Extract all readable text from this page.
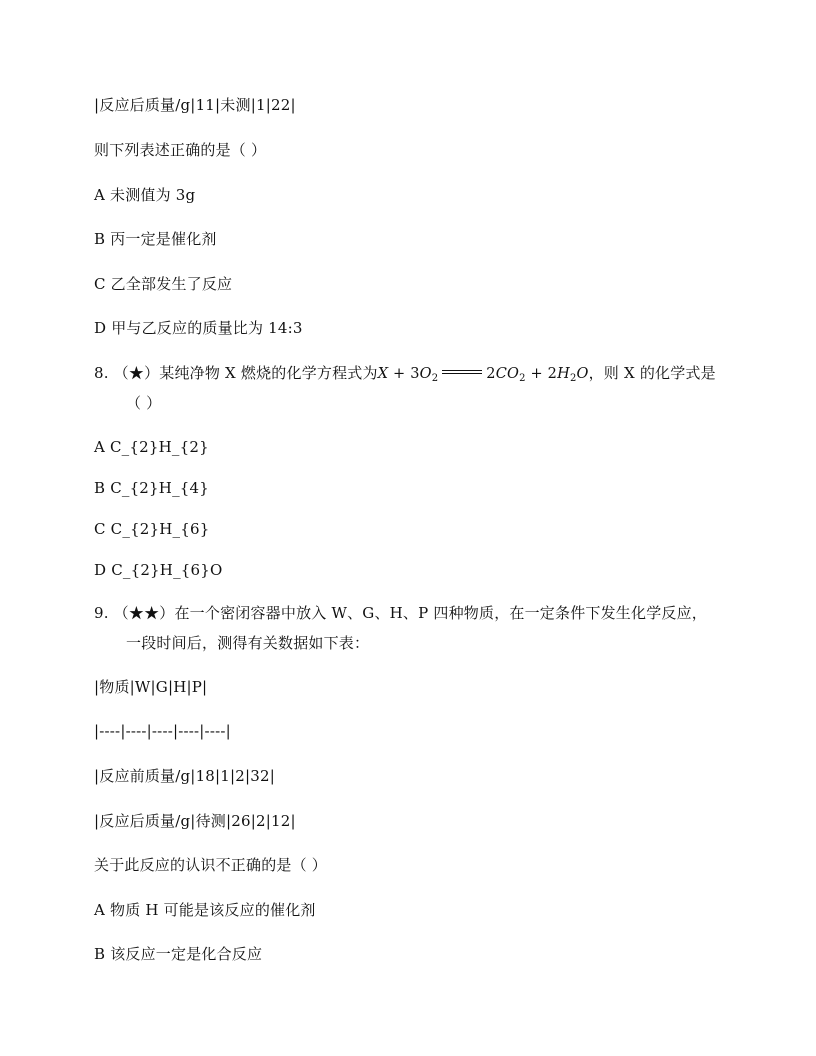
|反应后质量/g|11|未测|1|22|
则下列表述正确的是（ ）
A 未测值为 3g
B 丙一定是催化剂
C 乙全部发生了反应
D 甲与乙反应的质量比为 14:3
8. （★）某纯净物 X 燃烧的化学方程式为$X + 3O_2$	$2CO_2 + 2H_2O$，则 X 的化学式是
（ ）
A C_{2}H_{2}
B C_{2}H_{4}
C C_{2}H_{6}
D C_{2}H_{6}O
9. （★★）在一个密闭容器中放入 W、G、H、P 四种物质，在一定条件下发生化学反应，
一段时间后，测得有关数据如下表：
|物质|W|G|H|P|
|----|----|----|----|----|
|反应前质量/g|18|1|2|32|
|反应后质量/g|待测|26|2|12|
关于此反应的认识不正确的是（ ）
A 物质 H 可能是该反应的催化剂
B 该反应一定是化合反应
